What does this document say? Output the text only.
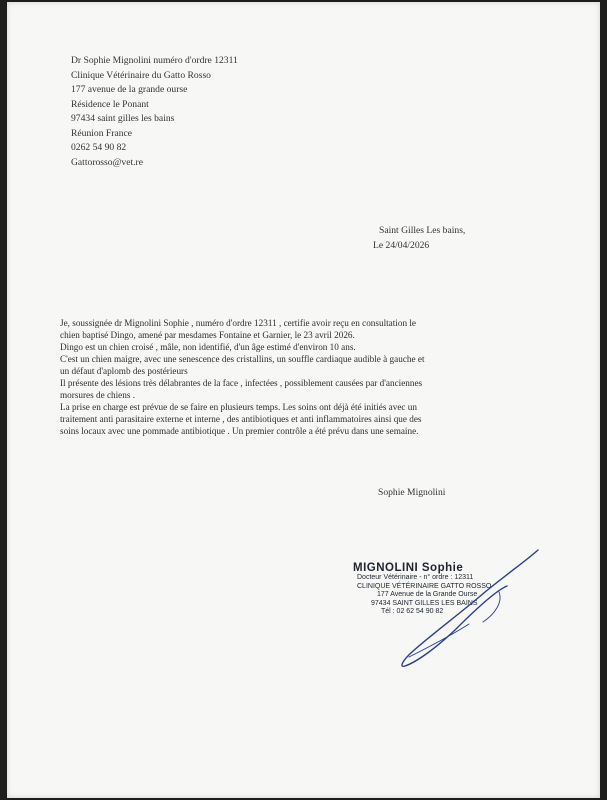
Dr Sophie Mignolini numéro d'ordre 12311
Clinique Vétérinaire du Gatto Rosso
177 avenue de la grande ourse
Résidence le Ponant
97434 saint gilles les bains
Réunion France
0262 54 90 82
Gattorosso@vet.re
Saint Gilles Les bains,
Le 24/04/2026
Je, soussignée dr Mignolini Sophie , numéro d'ordre 12311 , certifie avoir reçu en consultation le
chien baptisé Dingo, amené par mesdames Fontaine et Garnier, le 23 avril 2026.
Dingo est un chien croisé , mâle, non identifié, d'un âge estimé d'environ 10 ans.
C'est un chien maigre, avec une senescence des cristallins, un souffle cardiaque audible à gauche et
un défaut d'aplomb des postérieurs
Il présente des lésions très délabrantes de la face , infectées , possiblement causées par d'anciennes
morsures de chiens .
La prise en charge est prévue de se faire en plusieurs temps. Les soins ont déjà été initiés avec un
traitement anti parasitaire externe et interne , des antibiotiques et anti inflammatoires ainsi que des
soins locaux avec une pommade antibiotique . Un premier contrôle a été prévu dans une semaine.
Sophie Mignolini
MIGNOLINI Sophie
Docteur Vétérinaire - n° ordre : 12311
CLINIQUE VÉTÉRINAIRE GATTO ROSSO
177 Avenue de la Grande Ourse
97434 SAINT GILLES LES BAINS
Tél : 02 62 54 90 82
